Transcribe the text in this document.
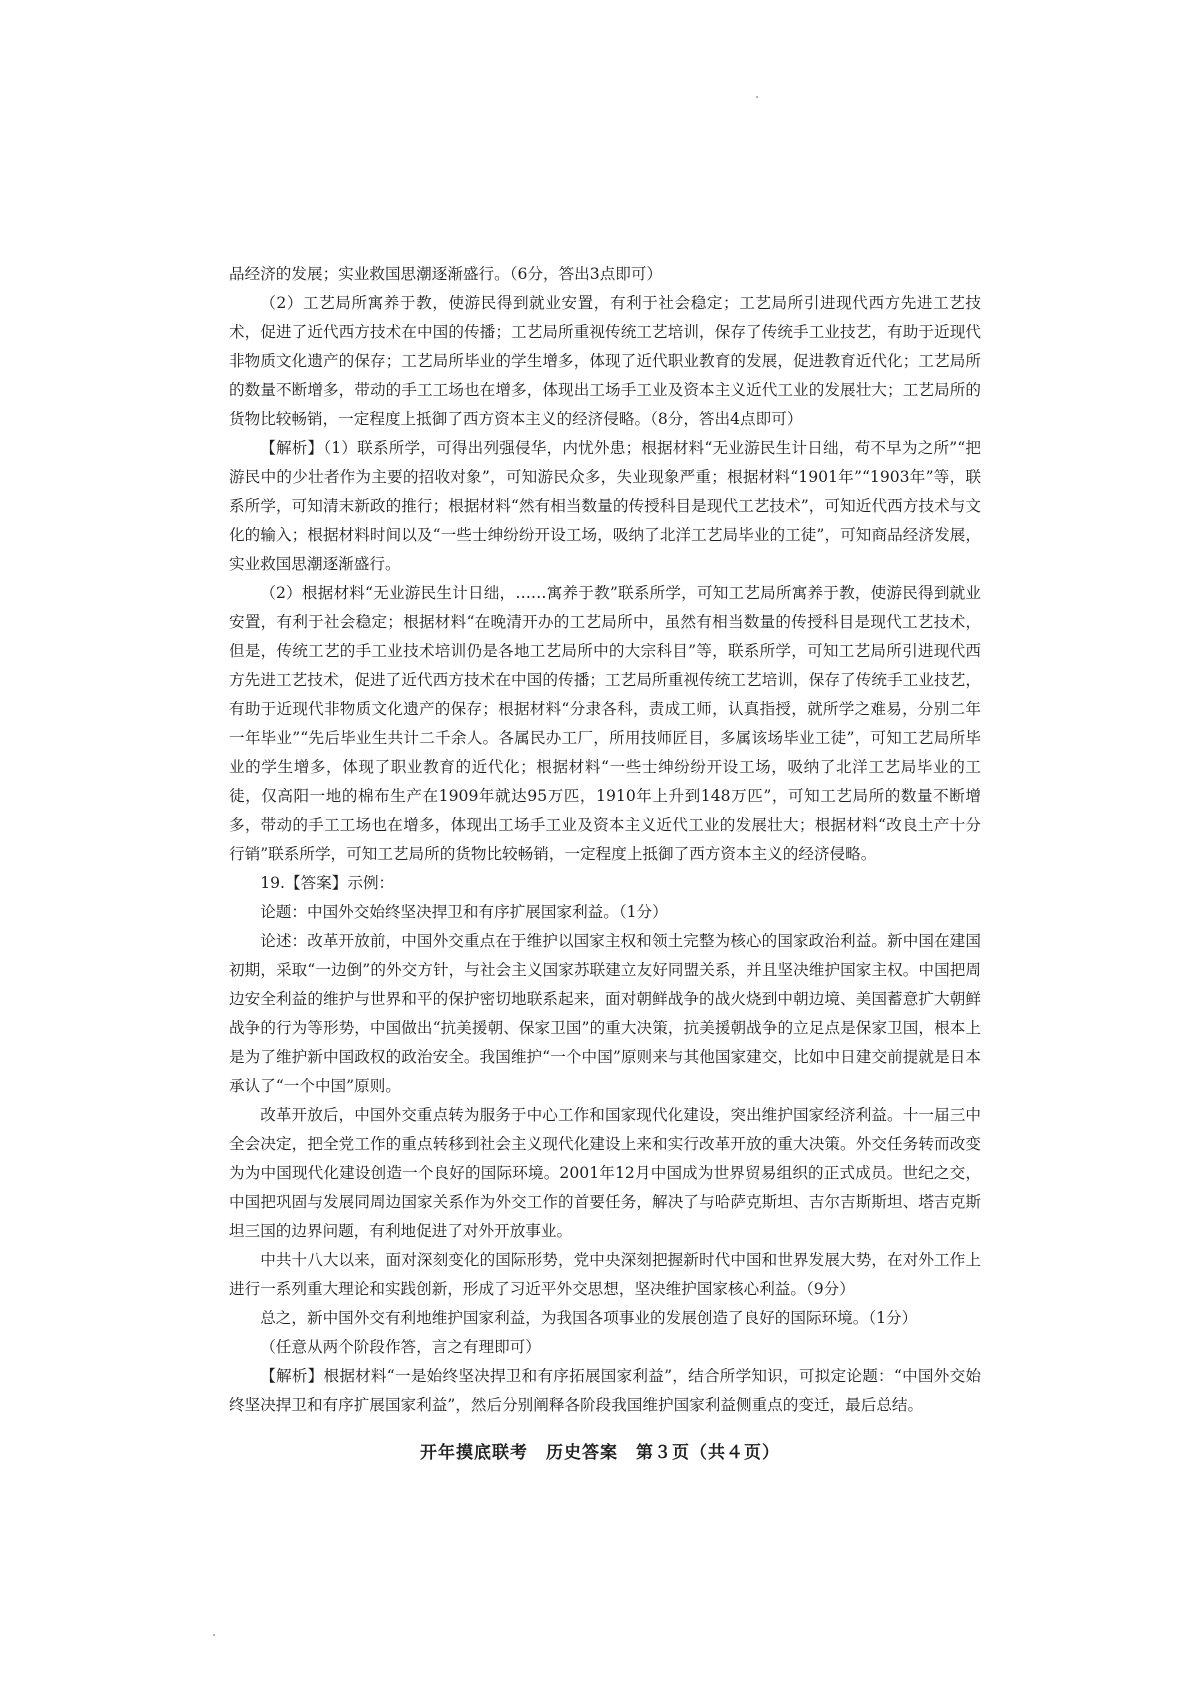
品经济的发展；实业救国思潮逐渐盛行。（6分，答出3点即可）

（2）工艺局所寓养于教，使游民得到就业安置，有利于社会稳定；工艺局所引进现代西方先进工艺技术，促进了近代西方技术在中国的传播；工艺局所重视传统工艺培训，保存了传统手工业技艺，有助于近现代非物质文化遗产的保存；工艺局所毕业的学生增多，体现了近代职业教育的发展，促进教育近代化；工艺局所的数量不断增多，带动的手工工场也在增多，体现出工场手工业及资本主义近代工业的发展壮大；工艺局所的货物比较畅销，一定程度上抵御了西方资本主义的经济侵略。（8分，答出4点即可）

【解析】（1）联系所学，可得出列强侵华，内忧外患；根据材料“无业游民生计日绌，苟不早为之所”“把游民中的少壮者作为主要的招收对象”，可知游民众多，失业现象严重；根据材料“1901年”“1903年”等，联系所学，可知清末新政的推行；根据材料“然有相当数量的传授科目是现代工艺技术”，可知近代西方技术与文化的输入；根据材料时间以及“一些士绅纷纷开设工场，吸纳了北洋工艺局毕业的工徒”，可知商品经济发展，实业救国思潮逐渐盛行。

（2）根据材料“无业游民生计日绌，……寓养于教”联系所学，可知工艺局所寓养于教，使游民得到就业安置，有利于社会稳定；根据材料“在晚清开办的工艺局所中，虽然有相当数量的传授科目是现代工艺技术，但是，传统工艺的手工业技术培训仍是各地工艺局所中的大宗科目”等，联系所学，可知工艺局所引进现代西方先进工艺技术，促进了近代西方技术在中国的传播；工艺局所重视传统工艺培训，保存了传统手工业技艺，有助于近现代非物质文化遗产的保存；根据材料“分隶各科，责成工师，认真指授，就所学之难易，分别二年一年毕业”“先后毕业生共计二千余人。各属民办工厂，所用技师匠目，多属该场毕业工徒”，可知工艺局所毕业的学生增多，体现了职业教育的近代化；根据材料“一些士绅纷纷开设工场，吸纳了北洋工艺局毕业的工徒，仅高阳一地的棉布生产在1909年就达95万匹，1910年上升到148万匹”，可知工艺局所的数量不断增多，带动的手工工场也在增多，体现出工场手工业及资本主义近代工业的发展壮大；根据材料“改良土产十分行销”联系所学，可知工艺局所的货物比较畅销，一定程度上抵御了西方资本主义的经济侵略。

19.【答案】示例：

论题：中国外交始终坚决捍卫和有序扩展国家利益。（1分）

论述：改革开放前，中国外交重点在于维护以国家主权和领土完整为核心的国家政治利益。新中国在建国初期，采取“一边倒”的外交方针，与社会主义国家苏联建立友好同盟关系，并且坚决维护国家主权。中国把周边安全利益的维护与世界和平的保护密切地联系起来，面对朝鲜战争的战火烧到中朝边境、美国蓄意扩大朝鲜战争的行为等形势，中国做出“抗美援朝、保家卫国”的重大决策，抗美援朝战争的立足点是保家卫国，根本上是为了维护新中国政权的政治安全。我国维护“一个中国”原则来与其他国家建交，比如中日建交前提就是日本承认了“一个中国”原则。

改革开放后，中国外交重点转为服务于中心工作和国家现代化建设，突出维护国家经济利益。十一届三中全会决定，把全党工作的重点转移到社会主义现代化建设上来和实行改革开放的重大决策。外交任务转而改变为为中国现代化建设创造一个良好的国际环境。2001年12月中国成为世界贸易组织的正式成员。世纪之交，中国把巩固与发展同周边国家关系作为外交工作的首要任务，解决了与哈萨克斯坦、吉尔吉斯斯坦、塔吉克斯坦三国的边界问题，有利地促进了对外开放事业。

中共十八大以来，面对深刻变化的国际形势，党中央深刻把握新时代中国和世界发展大势，在对外工作上进行一系列重大理论和实践创新，形成了习近平外交思想，坚决维护国家核心利益。（9分）

总之，新中国外交有利地维护国家利益，为我国各项事业的发展创造了良好的国际环境。（1分）

（任意从两个阶段作答，言之有理即可）

【解析】根据材料“一是始终坚决捍卫和有序拓展国家利益”，结合所学知识，可拟定论题：“中国外交始终坚决捍卫和有序扩展国家利益”，然后分别阐释各阶段我国维护国家利益侧重点的变迁，最后总结。

开年摸底联考　历史答案　第３页（共４页）
